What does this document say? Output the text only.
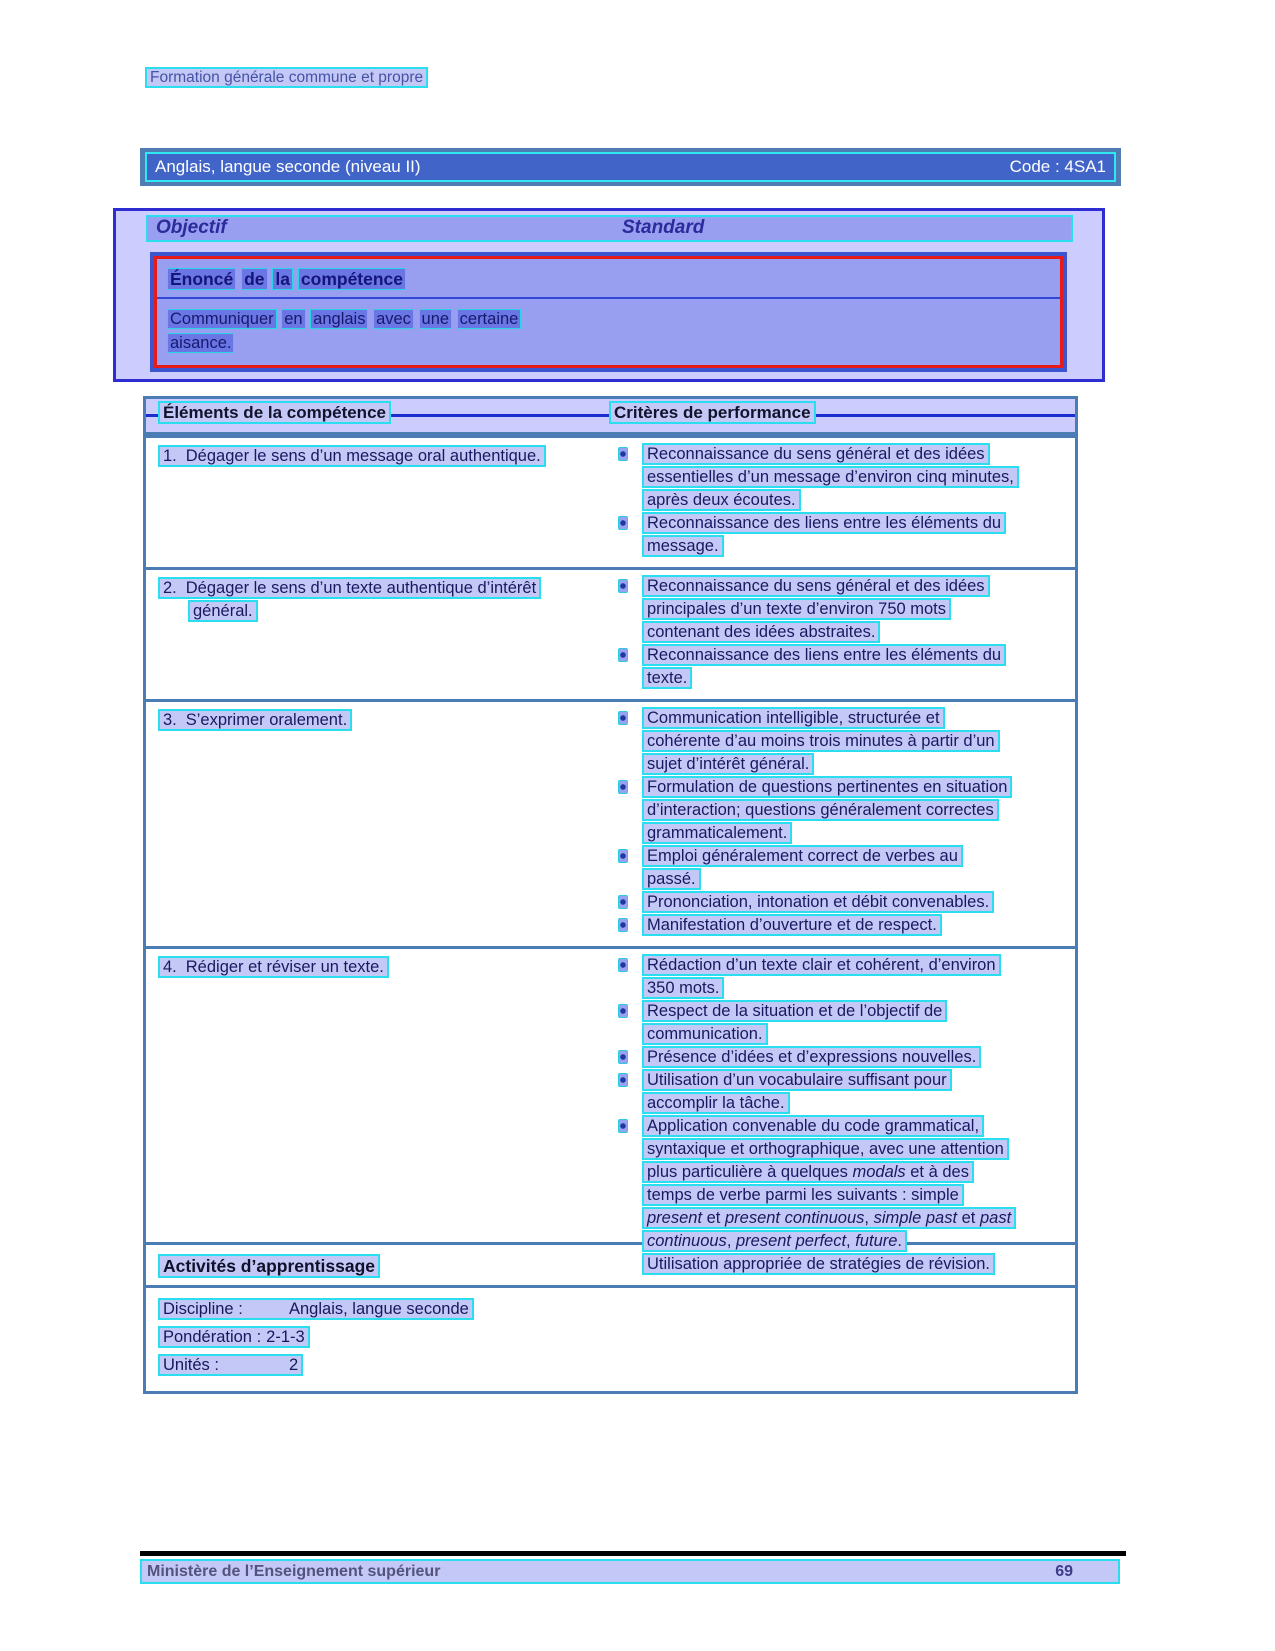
Formation générale commune et propre
Anglais, langue seconde (niveau II)	Code : 4SA1
Objectif	Standard
Énoncé de la compétence
Communiquer en anglais avec une certaine
aisance.
Éléments de la compétence	Critères de performance
1. Dégager le sens d’un message oral authentique.	Reconnaissance du sens général et des idées essentielles d’un message d’environ cinq minutes, après deux écoutes.
Reconnaissance des liens entre les éléments du message.
2. Dégager le sens d’un texte authentique d’intérêt général.
Reconnaissance du sens général et des idées principales d’un texte d’environ 750 mots contenant des idées abstraites.
Reconnaissance des liens entre les éléments du texte.
3. S’exprimer oralement.	Communication intelligible, structurée et cohérente d’au moins trois minutes à partir d’un sujet d’intérêt général.
Formulation de questions pertinentes en situation d’interaction; questions généralement correctes grammaticalement.
Emploi généralement correct de verbes au passé.
Prononciation, intonation et débit convenables.
Manifestation d’ouverture et de respect.
4. Rédiger et réviser un texte.	Rédaction d’un texte clair et cohérent, d’environ 350 mots.
Respect de la situation et de l’objectif de communication.
Présence d’idées et d’expressions nouvelles.
Utilisation d’un vocabulaire suffisant pour accomplir la tâche.
Application convenable du code grammatical, syntaxique et orthographique, avec une attention plus particulière à quelques modals et à des temps de verbe parmi les suivants : simple present et present continuous, simple past et past continuous, present perfect, future.
Utilisation appropriée de stratégies de révision.
Activités d’apprentissage
Discipline :	Anglais, langue seconde
Pondération : 2-1-3
Unités :	2
Ministère de l’Enseignement supérieur	69
